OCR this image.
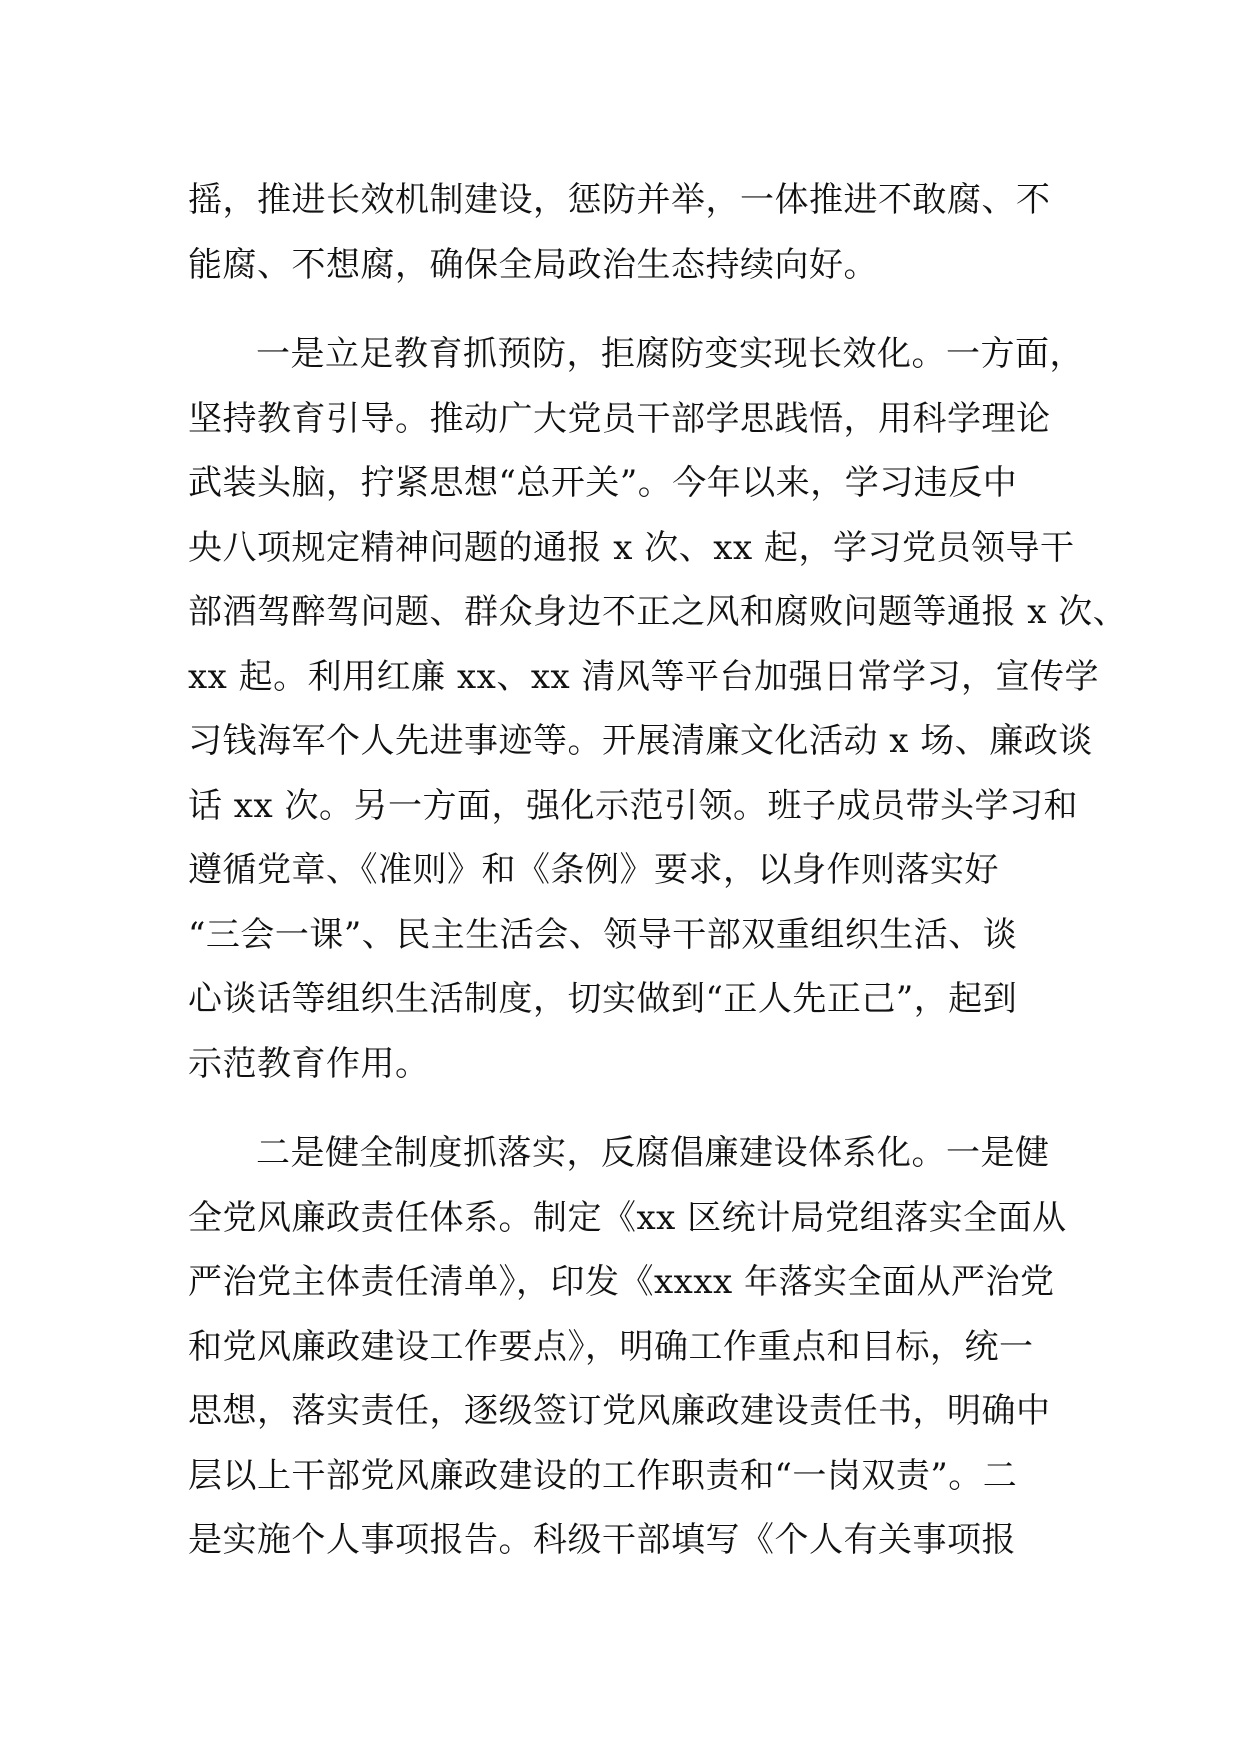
摇，推进长效机制建设，惩防并举，一体推进不敢腐、不
能腐、不想腐，确保全局政治生态持续向好。
一是立足教育抓预防，拒腐防变实现长效化。一方面，
坚持教育引导。推动广大党员干部学思践悟，用科学理论
武装头脑，拧紧思想“总开关”。今年以来，学习违反中
央八项规定精神问题的通报 x 次、xx 起，学习党员领导干
部酒驾醉驾问题、群众身边不正之风和腐败问题等通报 x 次、
xx 起。利用红廉 xx、xx 清风等平台加强日常学习，宣传学
习钱海军个人先进事迹等。开展清廉文化活动 x 场、廉政谈
话 xx 次。另一方面，强化示范引领。班子成员带头学习和
遵循党章、《准则》和《条例》要求，以身作则落实好
“三会一课”、民主生活会、领导干部双重组织生活、谈
心谈话等组织生活制度，切实做到“正人先正己”，起到
示范教育作用。
二是健全制度抓落实，反腐倡廉建设体系化。一是健
全党风廉政责任体系。制定《xx 区统计局党组落实全面从
严治党主体责任清单》，印发《xxxx 年落实全面从严治党
和党风廉政建设工作要点》，明确工作重点和目标，统一
思想，落实责任，逐级签订党风廉政建设责任书，明确中
层以上干部党风廉政建设的工作职责和“一岗双责”。二
是实施个人事项报告。科级干部填写《个人有关事项报
